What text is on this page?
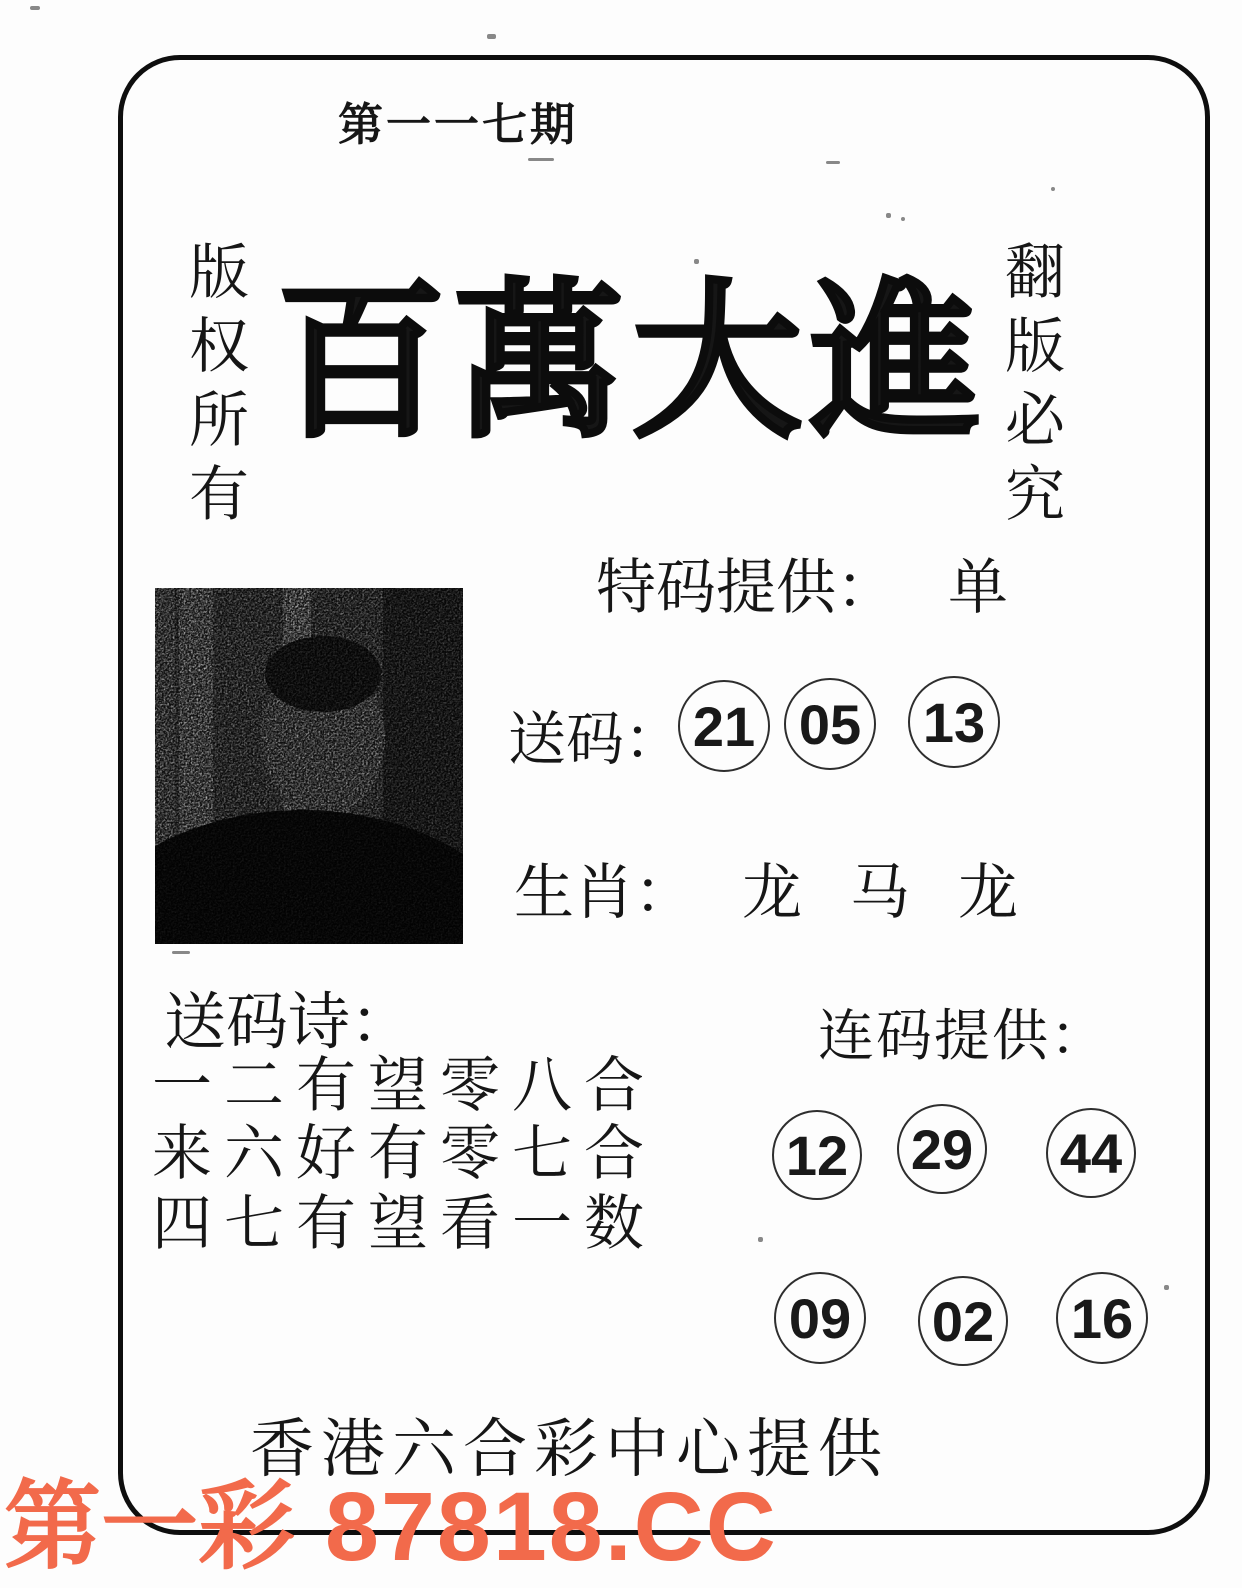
第一一七期
版权所有	翻版必究
百萬大進
特码提供： 单
送码： 21 05 13
生肖： 龙 马 龙
送码诗：
一二有望零八合
来六好有零七合
四七有望看一数
连码提供：
12 29 44
09 02 16
香港六合彩中心提供
第一彩 87818.CC
